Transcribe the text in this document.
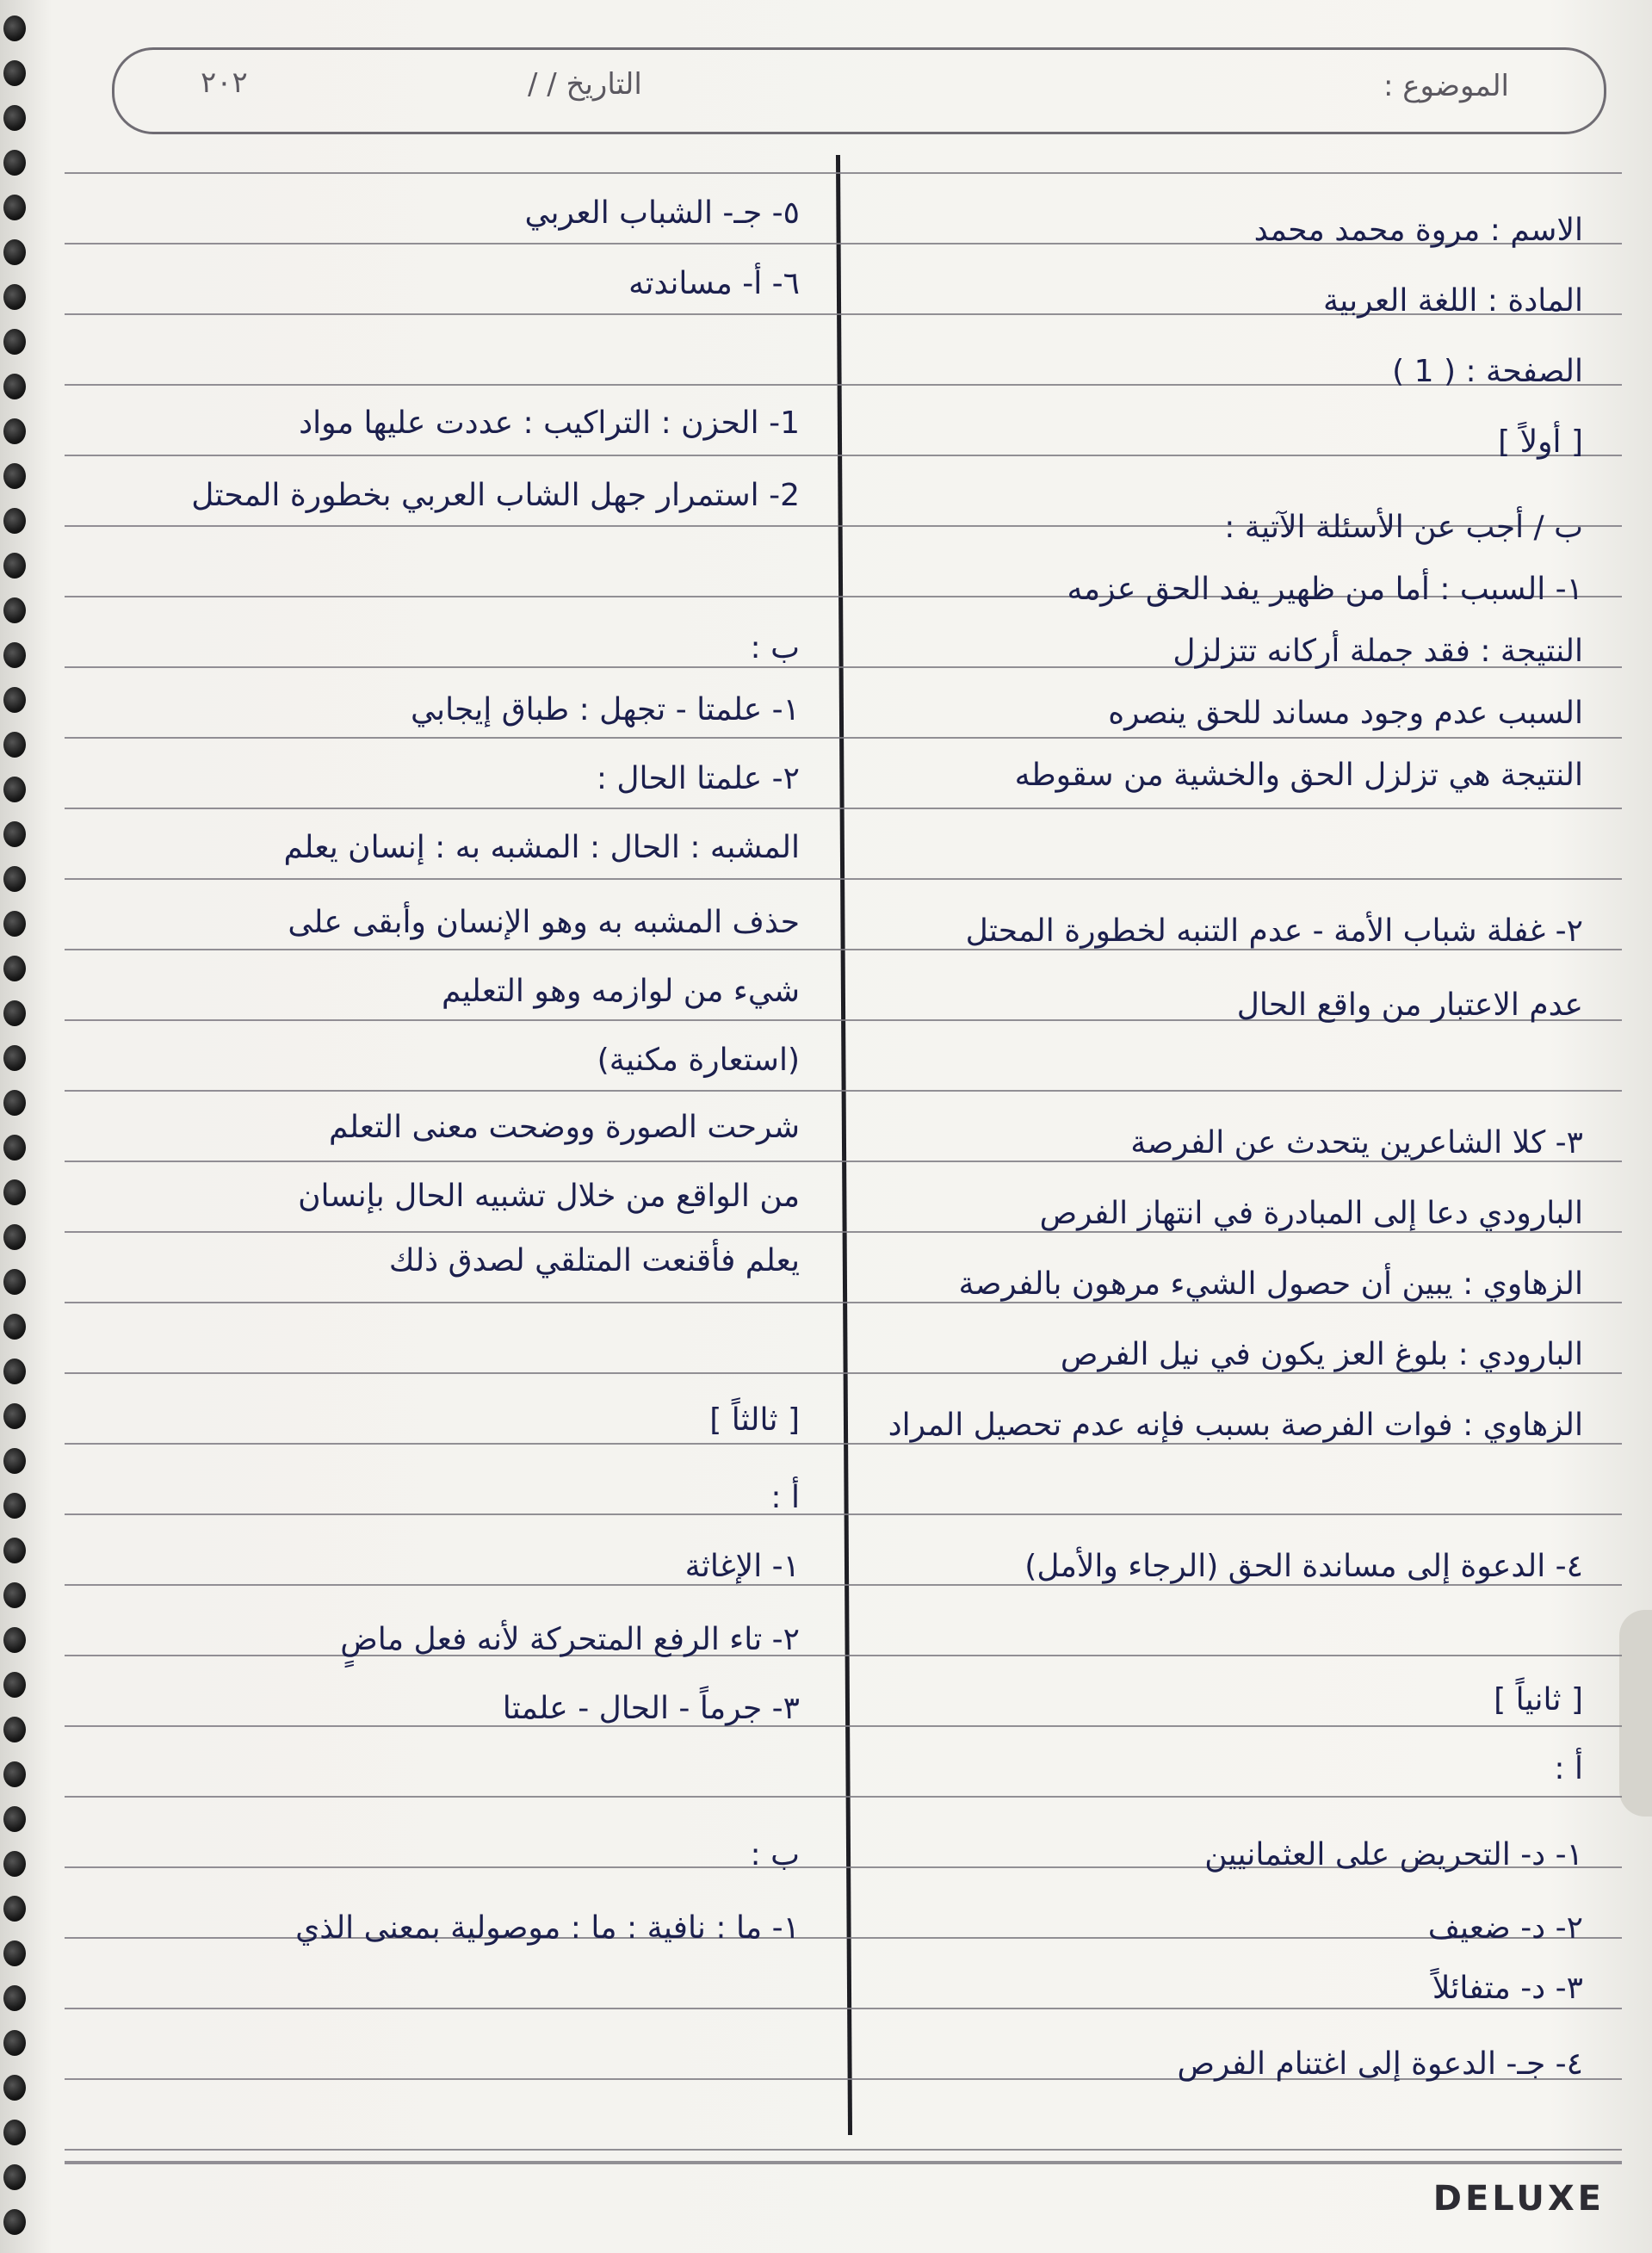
الموضوع :
التاريخ / /
٢٠٢
الاسم : مروة محمد محمد
المادة : اللغة العربية
الصفحة : ( 1 )
[ أولاً ]
ب / أجب عن الأسئلة الآتية :
١- السبب : أما من ظهير يفد الحق عزمه
النتيجة : فقد جملة أركانه تتزلزل
السبب عدم وجود مساند للحق ينصره
النتيجة هي تزلزل الحق والخشية من سقوطه
٢- غفلة شباب الأمة - عدم التنبه لخطورة المحتل
عدم الاعتبار من واقع الحال
٣- كلا الشاعرين يتحدث عن الفرصة
البارودي دعا إلى المبادرة في انتهاز الفرص
الزهاوي : يبين أن حصول الشيء مرهون بالفرصة
البارودي : بلوغ العز يكون في نيل الفرص
الزهاوي : فوات الفرصة بسبب فإنه عدم تحصيل المراد
٤- الدعوة إلى مساندة الحق (الرجاء والأمل)
[ ثانياً ]
أ :
١- د- التحريض على العثمانيين
٢- د- ضعيف
٣- د- متفائلاً
٤- جـ- الدعوة إلى اغتنام الفرص
٥- جـ- الشباب العربي
٦- أ- مساندته
1- الحزن : التراكيب : عددت عليها مواد
2- استمرار جهل الشاب العربي بخطورة المحتل
ب :
١- علمتا - تجهل : طباق إيجابي
٢- علمتا الحال :
المشبه : الحال : المشبه به : إنسان يعلم
حذف المشبه به وهو الإنسان وأبقى على
شيء من لوازمه وهو التعليم
(استعارة مكنية)
شرحت الصورة ووضحت معنى التعلم
من الواقع من خلال تشبيه الحال بإنسان
يعلم فأقنعت المتلقي لصدق ذلك
[ ثالثاً ]
أ :
١- الإغاثة
٢- تاء الرفع المتحركة لأنه فعل ماضٍ
٣- جرماً - الحال - علمتا
ب :
١- ما : نافية : ما : موصولية بمعنى الذي
DELUXE
